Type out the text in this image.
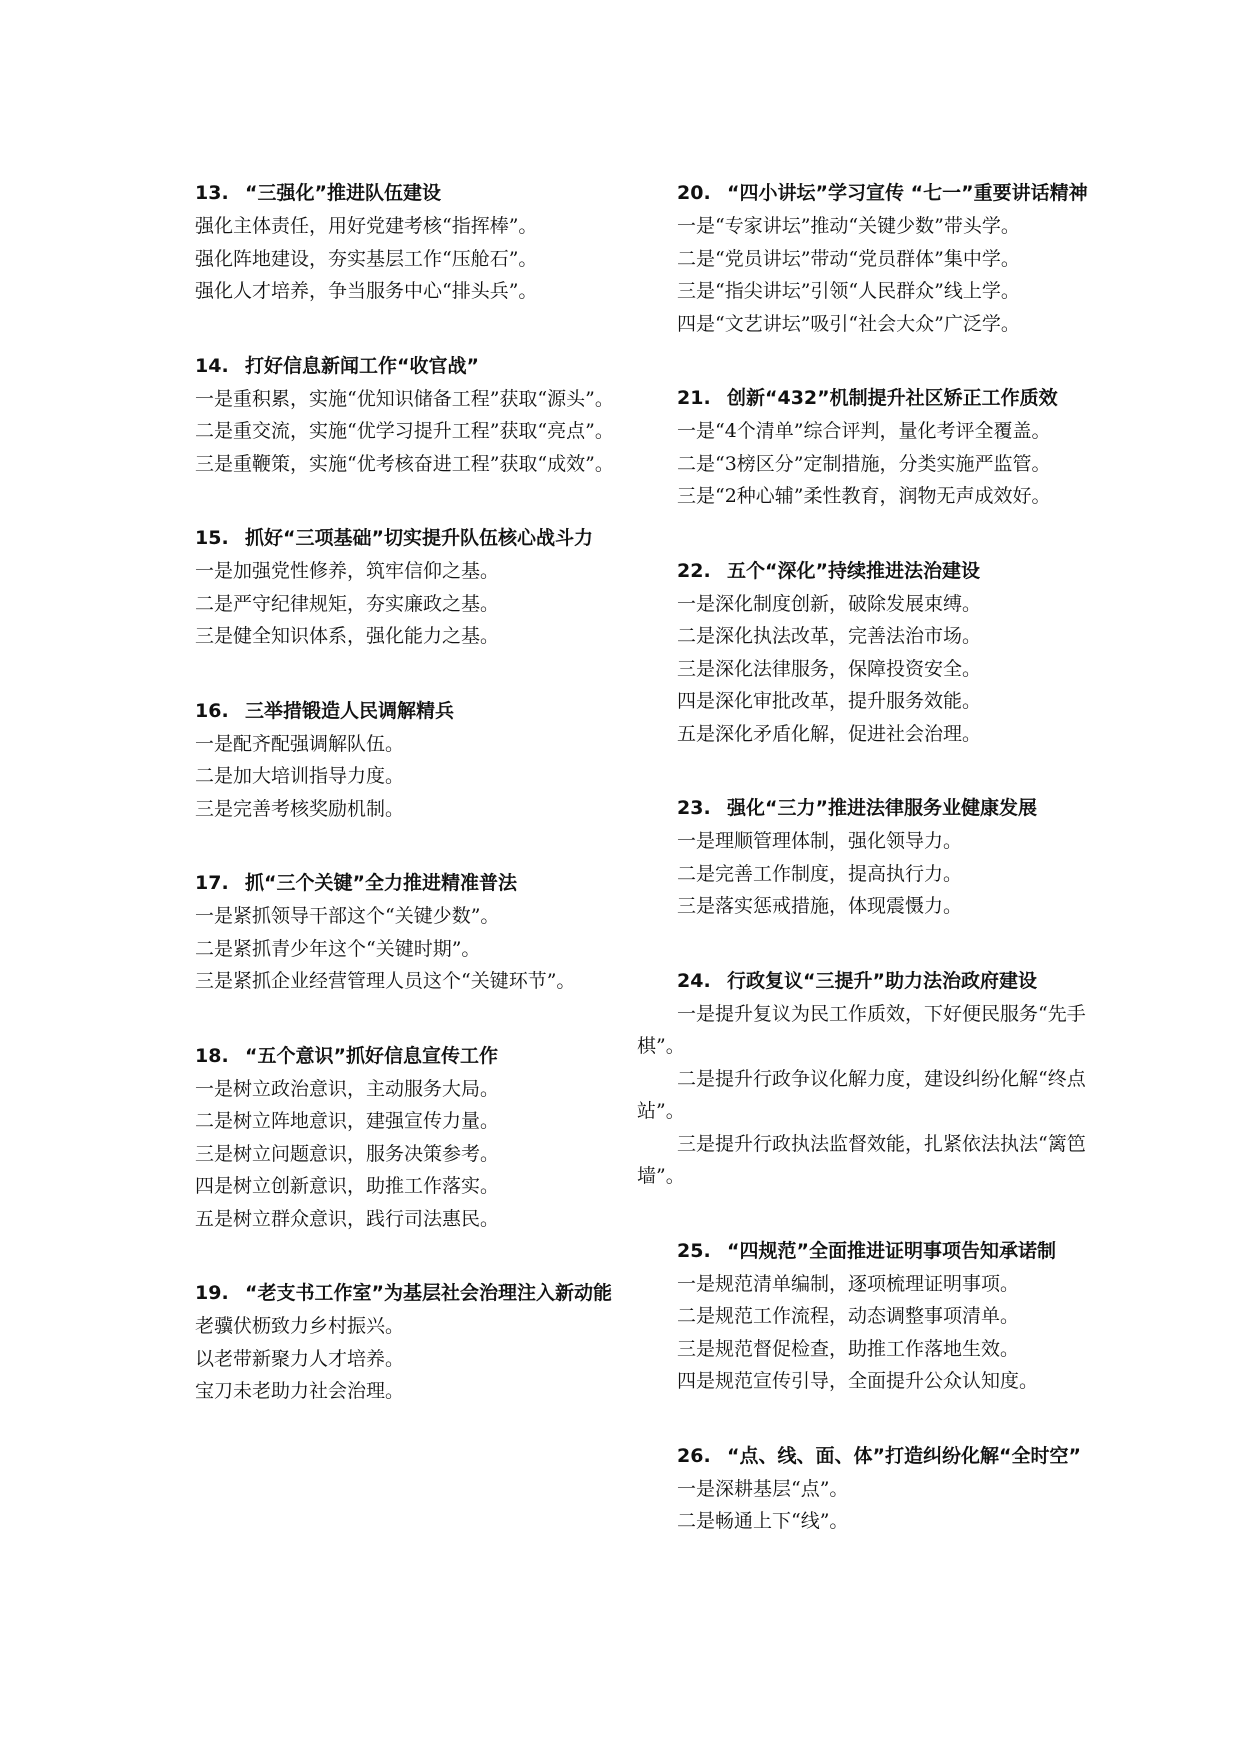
13. “三强化”推进队伍建设

强化主体责任，用好党建考核“指挥棒”。

强化阵地建设，夯实基层工作“压舱石”。

强化人才培养，争当服务中心“排头兵”。

14. 打好信息新闻工作“收官战”

一是重积累，实施“优知识储备工程”获取“源头”。

二是重交流，实施“优学习提升工程”获取“亮点”。

三是重鞭策，实施“优考核奋进工程”获取“成效”。

15. 抓好“三项基础”切实提升队伍核心战斗力

一是加强党性修养，筑牢信仰之基。

二是严守纪律规矩，夯实廉政之基。

三是健全知识体系，强化能力之基。

16. 三举措锻造人民调解精兵

一是配齐配强调解队伍。

二是加大培训指导力度。

三是完善考核奖励机制。

17. 抓“三个关键”全力推进精准普法

一是紧抓领导干部这个“关键少数”。

二是紧抓青少年这个“关键时期”。

三是紧抓企业经营管理人员这个“关键环节”。

18. “五个意识”抓好信息宣传工作

一是树立政治意识，主动服务大局。

二是树立阵地意识，建强宣传力量。

三是树立问题意识，服务决策参考。

四是树立创新意识，助推工作落实。

五是树立群众意识，践行司法惠民。

19. “老支书工作室”为基层社会治理注入新动能

老骥伏枥致力乡村振兴。

以老带新聚力人才培养。

宝刀未老助力社会治理。

20. “四小讲坛”学习宣传 “七一”重要讲话精神

一是“专家讲坛”推动“关键少数”带头学。

二是“党员讲坛”带动“党员群体”集中学。

三是“指尖讲坛”引领“人民群众”线上学。

四是“文艺讲坛”吸引“社会大众”广泛学。

21. 创新“432”机制提升社区矫正工作质效

一是“4个清单”综合评判，量化考评全覆盖。

二是“3榜区分”定制措施，分类实施严监管。

三是“2种心辅”柔性教育，润物无声成效好。

22. 五个“深化”持续推进法治建设

一是深化制度创新，破除发展束缚。

二是深化执法改革，完善法治市场。

三是深化法律服务，保障投资安全。

四是深化审批改革，提升服务效能。

五是深化矛盾化解，促进社会治理。

23. 强化“三力”推进法律服务业健康发展

一是理顺管理体制，强化领导力。

二是完善工作制度，提高执行力。

三是落实惩戒措施，体现震慑力。

24. 行政复议“三提升”助力法治政府建设

一是提升复议为民工作质效，下好便民服务“先手棋”。

二是提升行政争议化解力度，建设纠纷化解“终点站”。

三是提升行政执法监督效能，扎紧依法执法“篱笆墙”。

25. “四规范”全面推进证明事项告知承诺制

一是规范清单编制，逐项梳理证明事项。

二是规范工作流程，动态调整事项清单。

三是规范督促检查，助推工作落地生效。

四是规范宣传引导，全面提升公众认知度。

26. “点、线、面、体”打造纠纷化解“全时空”

一是深耕基层“点”。

二是畅通上下“线”。
